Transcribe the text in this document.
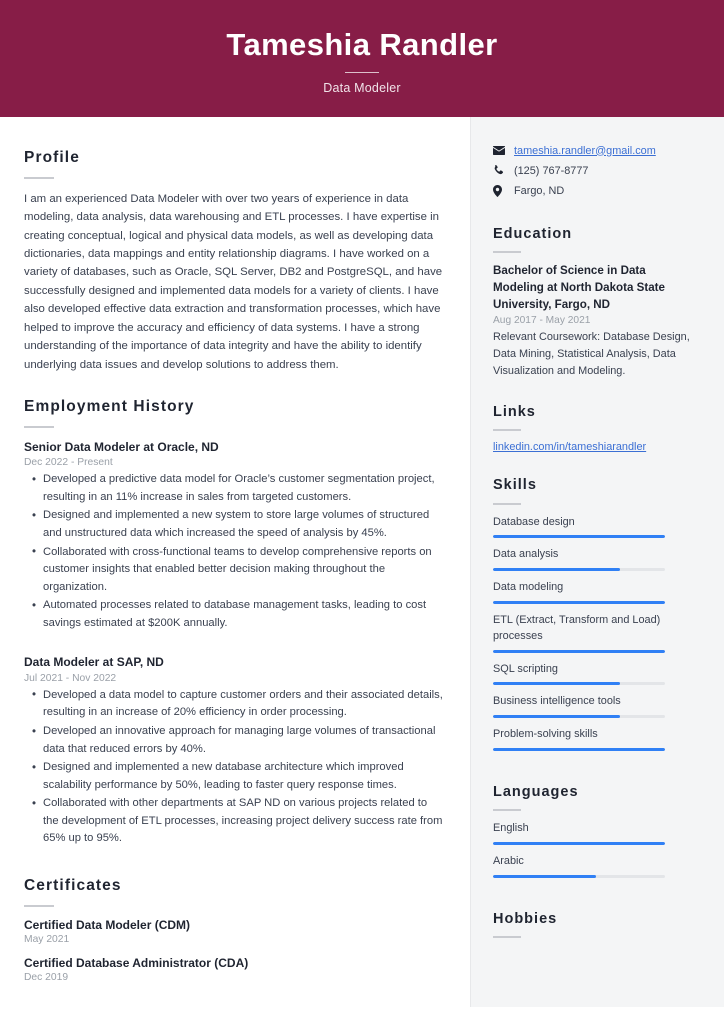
Tameshia Randler
Data Modeler
Profile
I am an experienced Data Modeler with over two years of experience in data modeling, data analysis, data warehousing and ETL processes. I have expertise in creating conceptual, logical and physical data models, as well as developing data dictionaries, data mappings and entity relationship diagrams. I have worked on a variety of databases, such as Oracle, SQL Server, DB2 and PostgreSQL, and have successfully designed and implemented data models for a variety of clients. I have also developed effective data extraction and transformation processes, which have helped to improve the accuracy and efficiency of data systems. I have a strong understanding of the importance of data integrity and have the ability to identify underlying data issues and develop solutions to address them.
Employment History
Senior Data Modeler at Oracle, ND
Dec 2022 - Present
• Developed a predictive data model for Oracle’s customer segmentation project, resulting in an 11% increase in sales from targeted customers.
• Designed and implemented a new system to store large volumes of structured and unstructured data which increased the speed of analysis by 45%.
• Collaborated with cross-functional teams to develop comprehensive reports on customer insights that enabled better decision making throughout the organization.
• Automated processes related to database management tasks, leading to cost savings estimated at $200K annually.
Data Modeler at SAP, ND
Jul 2021 - Nov 2022
• Developed a data model to capture customer orders and their associated details, resulting in an increase of 20% efficiency in order processing.
• Developed an innovative approach for managing large volumes of transactional data that reduced errors by 40%.
• Designed and implemented a new database architecture which improved scalability performance by 50%, leading to faster query response times.
• Collaborated with other departments at SAP ND on various projects related to the development of ETL processes, increasing project delivery success rate from 65% up to 95%.
Certificates
Certified Data Modeler (CDM)
May 2021
Certified Database Administrator (CDA)
Dec 2019
tameshia.randler@gmail.com
(125) 767-8777
Fargo, ND
Education
Bachelor of Science in Data Modeling at North Dakota State University, Fargo, ND
Aug 2017 - May 2021
Relevant Coursework: Database Design, Data Mining, Statistical Analysis, Data Visualization and Modeling.
Links
linkedin.com/in/tameshiarandler
Skills
Database design
Data analysis
Data modeling
ETL (Extract, Transform and Load) processes
SQL scripting
Business intelligence tools
Problem-solving skills
Languages
English
Arabic
Hobbies
